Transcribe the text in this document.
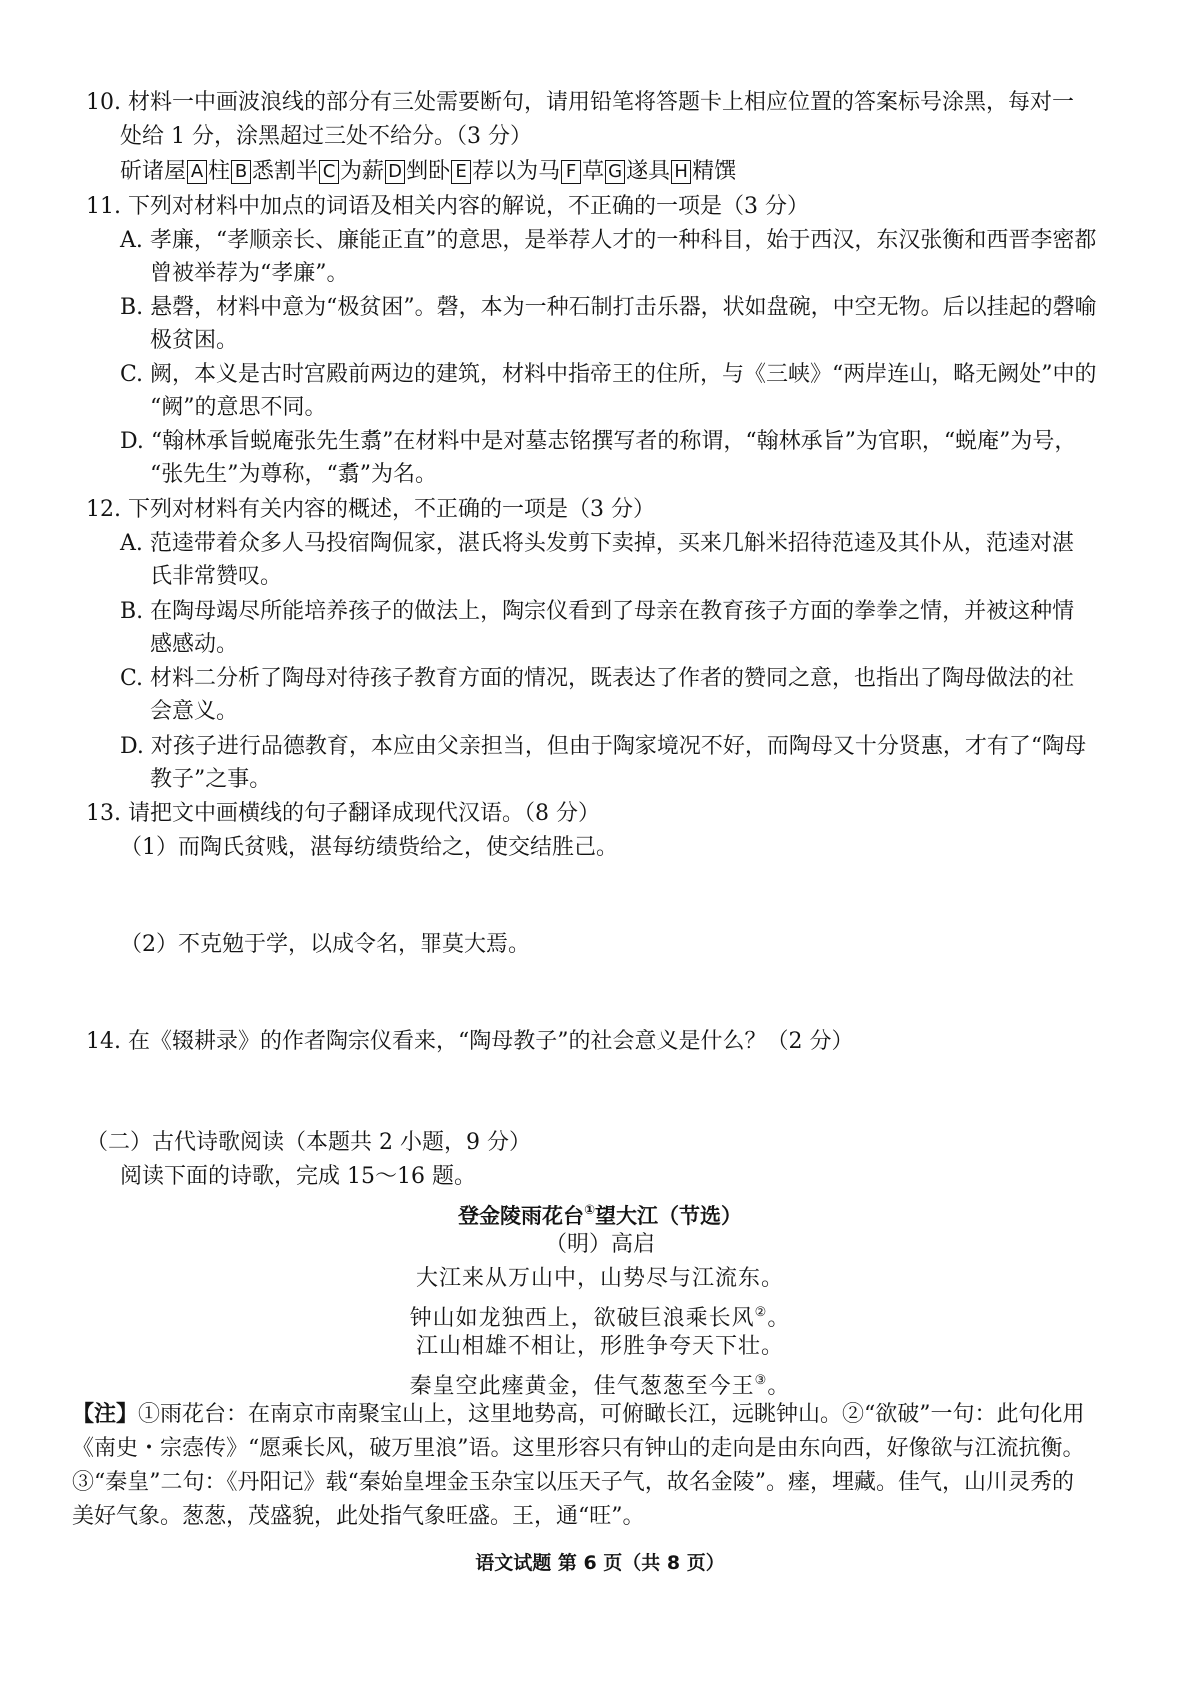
10. 材料一中画波浪线的部分有三处需要断句，请用铅笔将答题卡上相应位置的答案标号涂黑，每对一
处给 1 分，涂黑超过三处不给分。（3 分）
斫诸屋 A 柱 B 悉割半 C 为薪 D 剉卧 E 荐以为马 F 草 G 遂具 H 精馔
11. 下列对材料中加点的词语及相关内容的解说，不正确的一项是（3 分）
A. 孝廉，“孝顺亲长、廉能正直”的意思，是举荐人才的一种科目，始于西汉，东汉张衡和西晋李密都
曾被举荐为“孝廉”。
B. 悬磬，材料中意为“极贫困”。磬，本为一种石制打击乐器，状如盘碗，中空无物。后以挂起的磬喻
极贫困。
C. 阙，本义是古时宫殿前两边的建筑，材料中指帝王的住所，与《三峡》“两岸连山，略无阙处”中的
“阙”的意思不同。
D. “翰林承旨蜕庵张先生翥”在材料中是对墓志铭撰写者的称谓，“翰林承旨”为官职，“蜕庵”为号，
“张先生”为尊称，“翥”为名。
12. 下列对材料有关内容的概述，不正确的一项是（3 分）
A. 范逵带着众多人马投宿陶侃家，湛氏将头发剪下卖掉，买来几斛米招待范逵及其仆从，范逵对湛
氏非常赞叹。
B. 在陶母竭尽所能培养孩子的做法上，陶宗仪看到了母亲在教育孩子方面的拳拳之情，并被这种情
感感动。
C. 材料二分析了陶母对待孩子教育方面的情况，既表达了作者的赞同之意，也指出了陶母做法的社
会意义。
D. 对孩子进行品德教育，本应由父亲担当，但由于陶家境况不好，而陶母又十分贤惠，才有了“陶母
教子”之事。
13. 请把文中画横线的句子翻译成现代汉语。（8 分）
（1）而陶氏贫贱，湛每纺绩赀给之，使交结胜己。
（2）不克勉于学，以成令名，罪莫大焉。
14. 在《辍耕录》的作者陶宗仪看来，“陶母教子”的社会意义是什么？（2 分）
（二）古代诗歌阅读（本题共 2 小题，9 分）
阅读下面的诗歌，完成 15～16 题。
登金陵雨花台①望大江（节选）
（明）高启
大江来从万山中，山势尽与江流东。
钟山如龙独西上，欲破巨浪乘长风②。
江山相雄不相让，形胜争夸天下壮。
秦皇空此瘗黄金，佳气葱葱至今王③。
【注】①雨花台：在南京市南聚宝山上，这里地势高，可俯瞰长江，远眺钟山。②“欲破”一句：此句化用
《南史・宗悫传》“愿乘长风，破万里浪”语。这里形容只有钟山的走向是由东向西，好像欲与江流抗衡。
③“秦皇”二句：《丹阳记》载“秦始皇埋金玉杂宝以压天子气，故名金陵”。瘗，埋藏。佳气，山川灵秀的
美好气象。葱葱，茂盛貌，此处指气象旺盛。王，通“旺”。
语文试题 第 6 页（共 8 页）
